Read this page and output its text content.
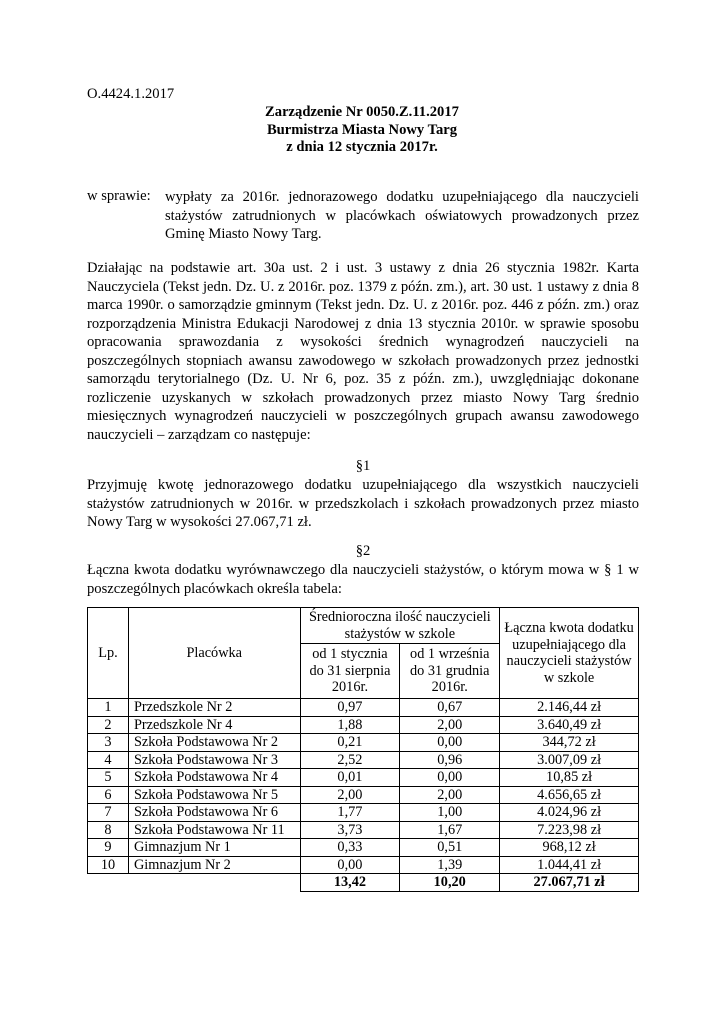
O.4424.1.2017
Zarządzenie Nr 0050.Z.11.2017
Burmistrza Miasta Nowy Targ
z dnia 12 stycznia 2017r.
w sprawie: wypłaty za 2016r. jednorazowego dodatku uzupełniającego dla nauczycieli stażystów zatrudnionych w placówkach oświatowych prowadzonych przez Gminę Miasto Nowy Targ.
Działając na podstawie art. 30a ust. 2 i ust. 3 ustawy z dnia 26 stycznia 1982r. Karta Nauczyciela (Tekst jedn. Dz. U. z 2016r. poz. 1379 z późn. zm.), art. 30 ust. 1 ustawy z dnia 8 marca 1990r. o samorządzie gminnym (Tekst jedn. Dz. U. z 2016r. poz. 446 z późn. zm.) oraz rozporządzenia Ministra Edukacji Narodowej z dnia 13 stycznia 2010r. w sprawie sposobu opracowania sprawozdania z wysokości średnich wynagrodzeń nauczycieli na poszczególnych stopniach awansu zawodowego w szkołach prowadzonych przez jednostki samorządu terytorialnego (Dz. U. Nr 6, poz. 35 z późn. zm.), uwzględniając dokonane rozliczenie uzyskanych w szkołach prowadzonych przez miasto Nowy Targ średnio miesięcznych wynagrodzeń nauczycieli w poszczególnych grupach awansu zawodowego nauczycieli – zarządzam co następuje:
§1
Przyjmuję kwotę jednorazowego dodatku uzupełniającego dla wszystkich nauczycieli stażystów zatrudnionych w 2016r. w przedszkolach i szkołach prowadzonych przez miasto Nowy Targ w wysokości 27.067,71 zł.
§2
Łączna kwota dodatku wyrównawczego dla nauczycieli stażystów, o którym mowa w § 1 w poszczególnych placówkach określa tabela:
Lp.	Placówka	Średnioroczna ilość nauczycieli stażystów w szkole		Łączna kwota dodatku uzupełniającego dla nauczycieli stażystów w szkole
		od 1 stycznia do 31 sierpnia 2016r.	od 1 września do 31 grudnia 2016r.	
1	Przedszkole Nr 2	0,97	0,67	2.146,44 zł
2	Przedszkole Nr 4	1,88	2,00	3.640,49 zł
3	Szkoła Podstawowa Nr 2	0,21	0,00	344,72 zł
4	Szkoła Podstawowa Nr 3	2,52	0,96	3.007,09 zł
5	Szkoła Podstawowa Nr 4	0,01	0,00	10,85 zł
6	Szkoła Podstawowa Nr 5	2,00	2,00	4.656,65 zł
7	Szkoła Podstawowa Nr 6	1,77	1,00	4.024,96 zł
8	Szkoła Podstawowa Nr 11	3,73	1,67	7.223,98 zł
9	Gimnazjum Nr 1	0,33	0,51	968,12 zł
10	Gimnazjum Nr 2	0,00	1,39	1.044,41 zł
		13,42	10,20	27.067,71 zł
